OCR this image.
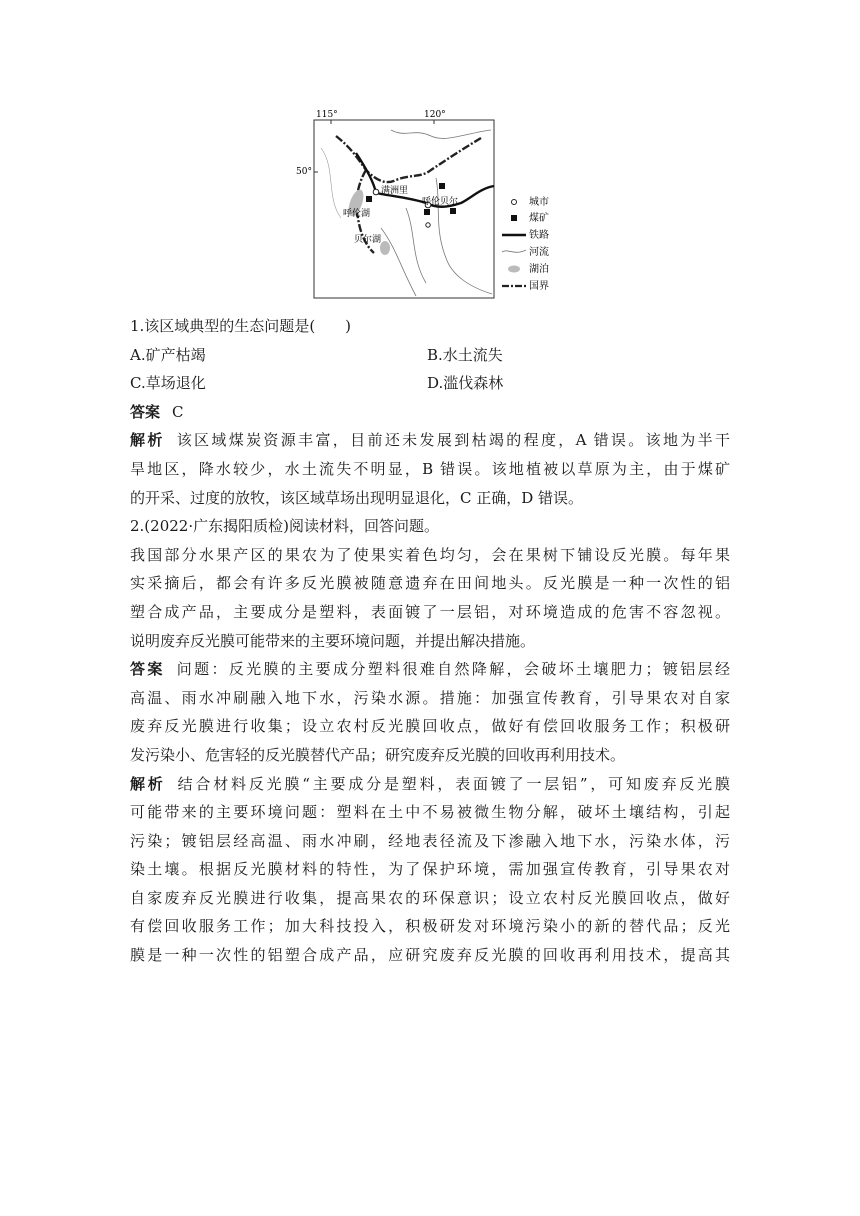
115°	120°
50°
满洲里
呼伦贝尔
呼伦湖
贝尔湖
城市
煤矿
铁路
河流
湖泊
国界

1.该区域典型的生态问题是(　　)

A.矿产枯竭	B.水土流失
C.草场退化	D.滥伐森林

答案 C

解析 该区域煤炭资源丰富，目前还未发展到枯竭的程度，A 错误。该地为半干

旱地区，降水较少，水土流失不明显，B 错误。该地植被以草原为主，由于煤矿

的开采、过度的放牧，该区域草场出现明显退化，C 正确，D 错误。

2.(2022·广东揭阳质检)阅读材料，回答问题。

我国部分水果产区的果农为了使果实着色均匀，会在果树下铺设反光膜。每年果

实采摘后，都会有许多反光膜被随意遗弃在田间地头。反光膜是一种一次性的铝

塑合成产品，主要成分是塑料，表面镀了一层铝，对环境造成的危害不容忽视。

说明废弃反光膜可能带来的主要环境问题，并提出解决措施。

答案 问题：反光膜的主要成分塑料很难自然降解，会破坏土壤肥力；镀铝层经

高温、雨水冲刷融入地下水，污染水源。措施：加强宣传教育，引导果农对自家

废弃反光膜进行收集；设立农村反光膜回收点，做好有偿回收服务工作；积极研

发污染小、危害轻的反光膜替代产品；研究废弃反光膜的回收再利用技术。

解析 结合材料反光膜“主要成分是塑料，表面镀了一层铝”，可知废弃反光膜

可能带来的主要环境问题：塑料在土中不易被微生物分解，破坏土壤结构，引起

污染；镀铝层经高温、雨水冲刷，经地表径流及下渗融入地下水，污染水体，污

染土壤。根据反光膜材料的特性，为了保护环境，需加强宣传教育，引导果农对

自家废弃反光膜进行收集，提高果农的环保意识；设立农村反光膜回收点，做好

有偿回收服务工作；加大科技投入，积极研发对环境污染小的新的替代品；反光

膜是一种一次性的铝塑合成产品，应研究废弃反光膜的回收再利用技术，提高其
